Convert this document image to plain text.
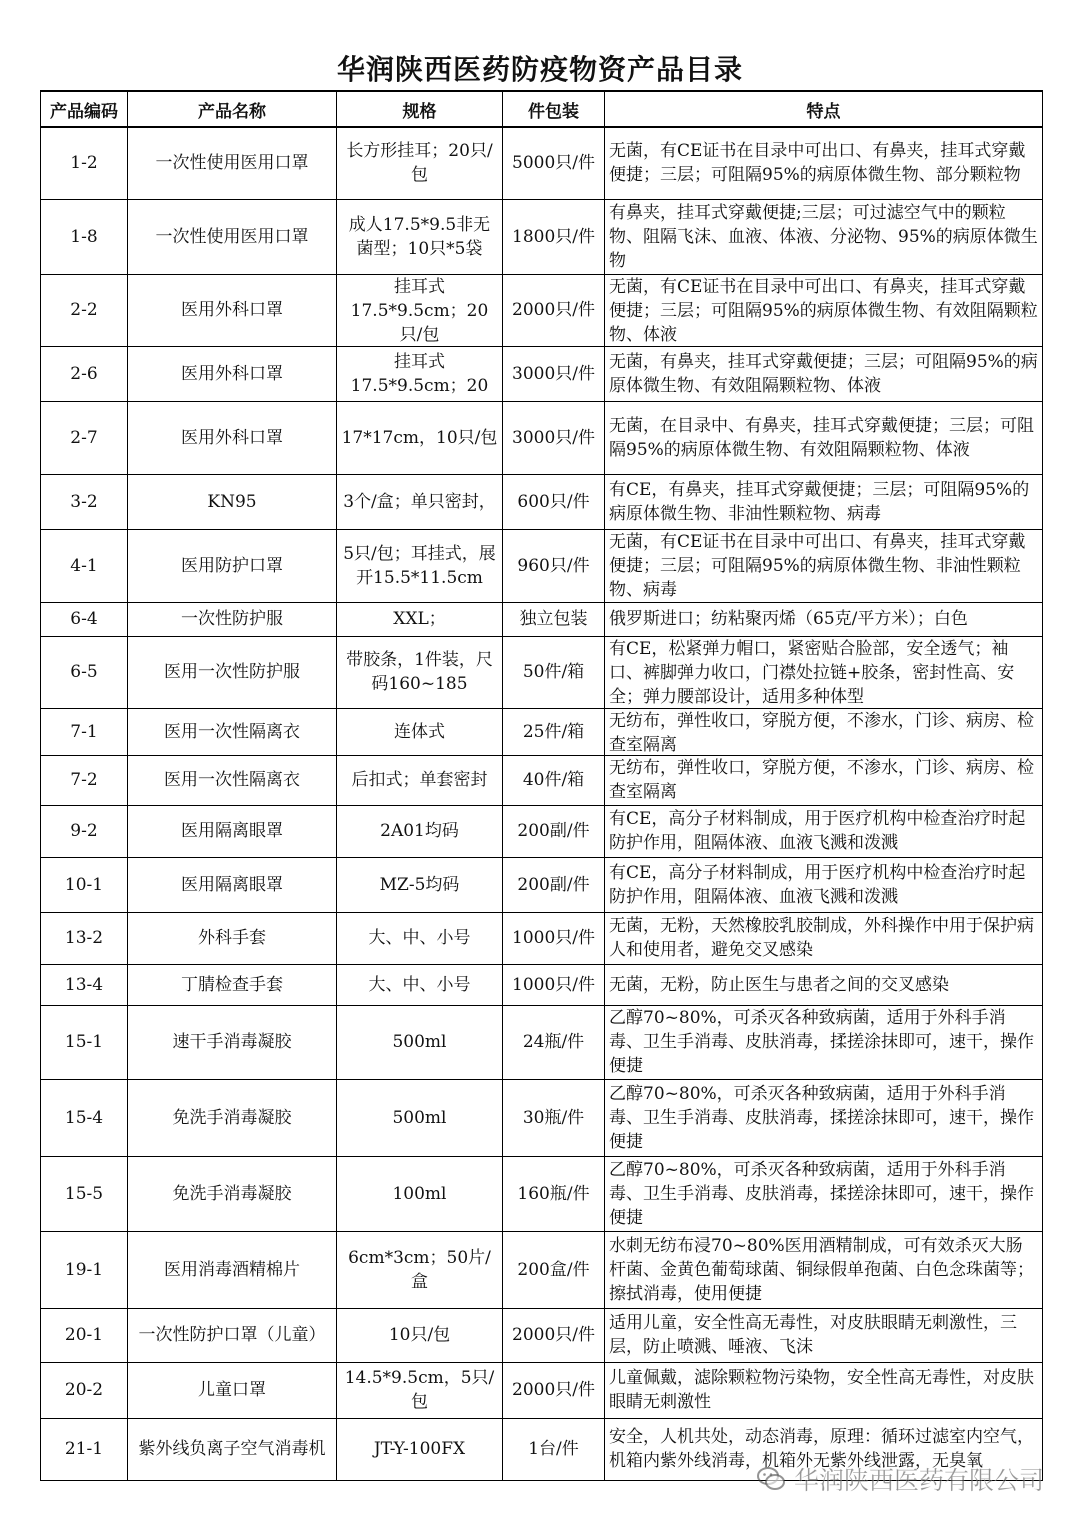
华润陕西医药防疫物资产品目录
产品编码	产品名称	规格	件包装	特点

1-2	一次性使用医用口罩	长方形挂耳；20只/包	5000只/件	无菌，有CE证书在目录中可出口、有鼻夹，挂耳式穿戴便捷；三层；可阻隔95%的病原体微生物、部分颗粒物

1-8	一次性使用医用口罩	成人17.5*9.5非无菌型；10只*5袋	1800只/件	有鼻夹，挂耳式穿戴便捷;三层；可过滤空气中的颗粒物、阻隔飞沫、血液、体液、分泌物、95%的病原体微生物

2-2	医用外科口罩	挂耳式17.5*9.5cm；20只/包	2000只/件	无菌，有CE证书在目录中可出口、有鼻夹，挂耳式穿戴便捷；三层；可阻隔95%的病原体微生物、有效阻隔颗粒物、体液

2-6	医用外科口罩	挂耳式17.5*9.5cm；20	3000只/件	无菌，有鼻夹，挂耳式穿戴便捷；三层；可阻隔95%的病原体微生物、有效阻隔颗粒物、体液

2-7	医用外科口罩	17*17cm，10只/包	3000只/件	无菌，在目录中、有鼻夹，挂耳式穿戴便捷；三层；可阻隔95%的病原体微生物、有效阻隔颗粒物、体液

3-2	KN95	3个/盒；单只密封，	600只/件	有CE，有鼻夹，挂耳式穿戴便捷；三层；可阻隔95%的病原体微生物、非油性颗粒物、病毒

4-1	医用防护口罩	5只/包；耳挂式，展开15.5*11.5cm	960只/件	无菌，有CE证书在目录中可出口、有鼻夹，挂耳式穿戴便捷；三层；可阻隔95%的病原体微生物、非油性颗粒物、病毒

6-4	一次性防护服	XXL；	独立包装	俄罗斯进口；纺粘聚丙烯（65克/平方米）；白色

6-5	医用一次性防护服	带胶条，1件装，尺码160~185	50件/箱	有CE，松紧弹力帽口，紧密贴合脸部，安全透气；袖口、裤脚弹力收口，门襟处拉链+胶条，密封性高、安全；弹力腰部设计，适用多种体型

7-1	医用一次性隔离衣	连体式	25件/箱	无纺布，弹性收口，穿脱方便，不渗水，门诊、病房、检查室隔离

7-2	医用一次性隔离衣	后扣式；单套密封	40件/箱	无纺布，弹性收口，穿脱方便，不渗水，门诊、病房、检查室隔离

9-2	医用隔离眼罩	2A01均码	200副/件	有CE，高分子材料制成，用于医疗机构中检查治疗时起防护作用，阻隔体液、血液飞溅和泼溅

10-1	医用隔离眼罩	MZ-5均码	200副/件	有CE，高分子材料制成，用于医疗机构中检查治疗时起防护作用，阻隔体液、血液飞溅和泼溅

13-2	外科手套	大、中、小号	1000只/件	无菌，无粉，天然橡胶乳胶制成，外科操作中用于保护病人和使用者，避免交叉感染

13-4	丁腈检查手套	大、中、小号	1000只/件	无菌，无粉，防止医生与患者之间的交叉感染

15-1	速干手消毒凝胶	500ml	24瓶/件	乙醇70~80%，可杀灭各种致病菌，适用于外科手消毒、卫生手消毒、皮肤消毒，揉搓涂抹即可，速干，操作便捷

15-4	免洗手消毒凝胶	500ml	30瓶/件	乙醇70~80%，可杀灭各种致病菌，适用于外科手消毒、卫生手消毒、皮肤消毒，揉搓涂抹即可，速干，操作便捷

15-5	免洗手消毒凝胶	100ml	160瓶/件	乙醇70~80%，可杀灭各种致病菌，适用于外科手消毒、卫生手消毒、皮肤消毒，揉搓涂抹即可，速干，操作便捷

19-1	医用消毒酒精棉片	6cm*3cm；50片/盒	200盒/件	水刺无纺布浸70~80%医用酒精制成，可有效杀灭大肠杆菌、金黄色葡萄球菌、铜绿假单孢菌、白色念珠菌等；擦拭消毒，使用便捷

20-1	一次性防护口罩（儿童）	10只/包	2000只/件	适用儿童，安全性高无毒性，对皮肤眼睛无刺激性，三层，防止喷溅、唾液、飞沫

20-2	儿童口罩	14.5*9.5cm，5只/包	2000只/件	儿童佩戴，滤除颗粒物污染物，安全性高无毒性，对皮肤眼睛无刺激性

21-1	紫外线负离子空气消毒机	JT-Y-100FX	1台/件	安全，人机共处，动态消毒，原理：循环过滤室内空气，机箱内紫外线消毒，机箱外无紫外线泄露，无臭氧
华润陕西医药有限公司
